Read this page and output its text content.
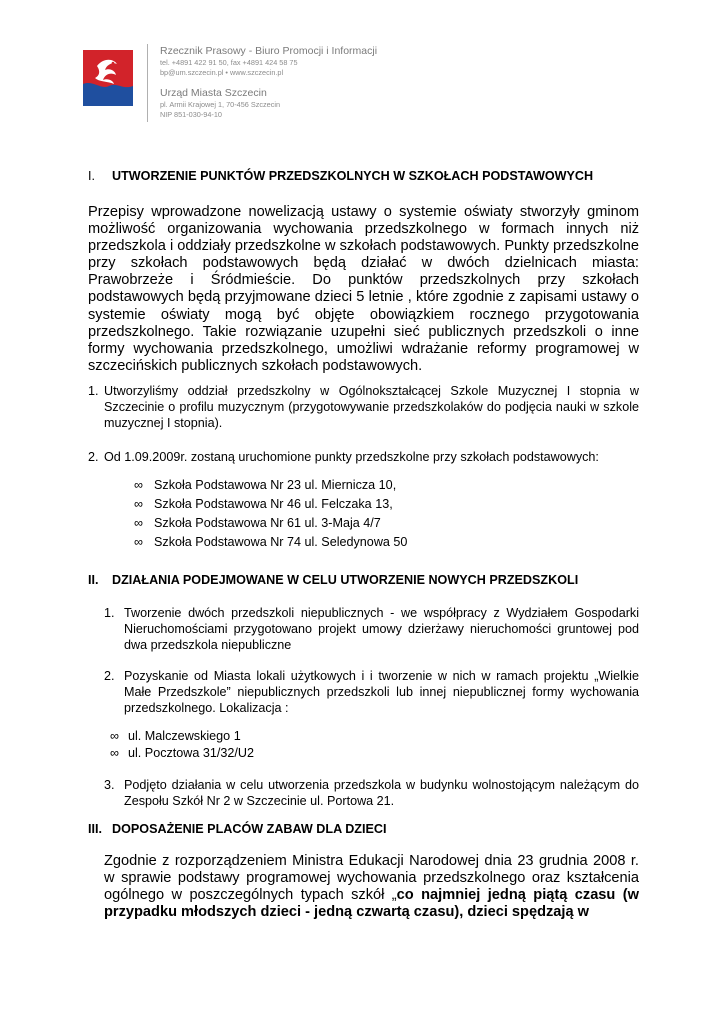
Rzecznik Prasowy - Biuro Promocji i Informacji
tel. +4891 422 91 50, fax +4891 424 58 75
bp@um.szczecin.pl • www.szczecin.pl
Urząd Miasta Szczecin
pl. Armii Krajowej 1, 70-456 Szczecin
NIP 851-030-94-10
I. UTWORZENIE PUNKTÓW PRZEDSZKOLNYCH W SZKOŁACH PODSTAWOWYCH
Przepisy wprowadzone nowelizacją ustawy o systemie oświaty stworzyły gminom możliwość organizowania wychowania przedszkolnego w formach innych niż przedszkola i oddziały przedszkolne w szkołach podstawowych. Punkty przedszkolne przy szkołach podstawowych będą działać w dwóch dzielnicach miasta: Prawobrzeże i Śródmieście. Do punktów przedszkolnych przy szkołach podstawowych będą przyjmowane dzieci 5 letnie , które zgodnie z zapisami ustawy o systemie oświaty mogą być objęte obowiązkiem rocznego przygotowania przedszkolnego. Takie rozwiązanie uzupełni sieć publicznych przedszkoli o inne formy wychowania przedszkolnego, umożliwi wdrażanie reformy programowej w szczecińskich publicznych szkołach podstawowych.
1. Utworzyliśmy oddział przedszkolny w Ogólnokształcącej Szkole Muzycznej I stopnia w Szczecinie o profilu muzycznym (przygotowywanie przedszkolaków do podjęcia nauki w szkole muzycznej I stopnia).
2. Od 1.09.2009r. zostaną uruchomione punkty przedszkolne przy szkołach podstawowych:
∞ Szkoła Podstawowa Nr 23 ul. Miernicza 10,
∞ Szkoła Podstawowa Nr 46 ul. Felczaka 13,
∞ Szkoła Podstawowa Nr 61 ul. 3-Maja 4/7
∞ Szkoła Podstawowa Nr 74 ul. Seledynowa 50
II. DZIAŁANIA PODEJMOWANE W CELU UTWORZENIE NOWYCH PRZEDSZKOLI
1. Tworzenie dwóch przedszkoli niepublicznych - we współpracy z Wydziałem Gospodarki Nieruchomościami przygotowano projekt umowy dzierżawy nieruchomości gruntowej pod dwa przedszkola niepubliczne
2. Pozyskanie od Miasta lokali użytkowych i i tworzenie w nich w ramach projektu „Wielkie Małe Przedszkole” niepublicznych przedszkoli lub innej niepublicznej formy wychowania przedszkolnego. Lokalizacja :
∞ ul. Malczewskiego 1
∞ ul. Pocztowa 31/32/U2
3. Podjęto działania w celu utworzenia przedszkola w budynku wolnostojącym należącym do Zespołu Szkół Nr 2 w Szczecinie ul. Portowa 21.
III. DOPOSAŻENIE PLACÓW ZABAW DLA DZIECI
Zgodnie z rozporządzeniem Ministra Edukacji Narodowej dnia 23 grudnia 2008 r. w sprawie podstawy programowej wychowania przedszkolnego oraz kształcenia ogólnego w poszczególnych typach szkół „co najmniej jedną piątą czasu (w przypadku młodszych dzieci - jedną czwartą czasu), dzieci spędzają w
